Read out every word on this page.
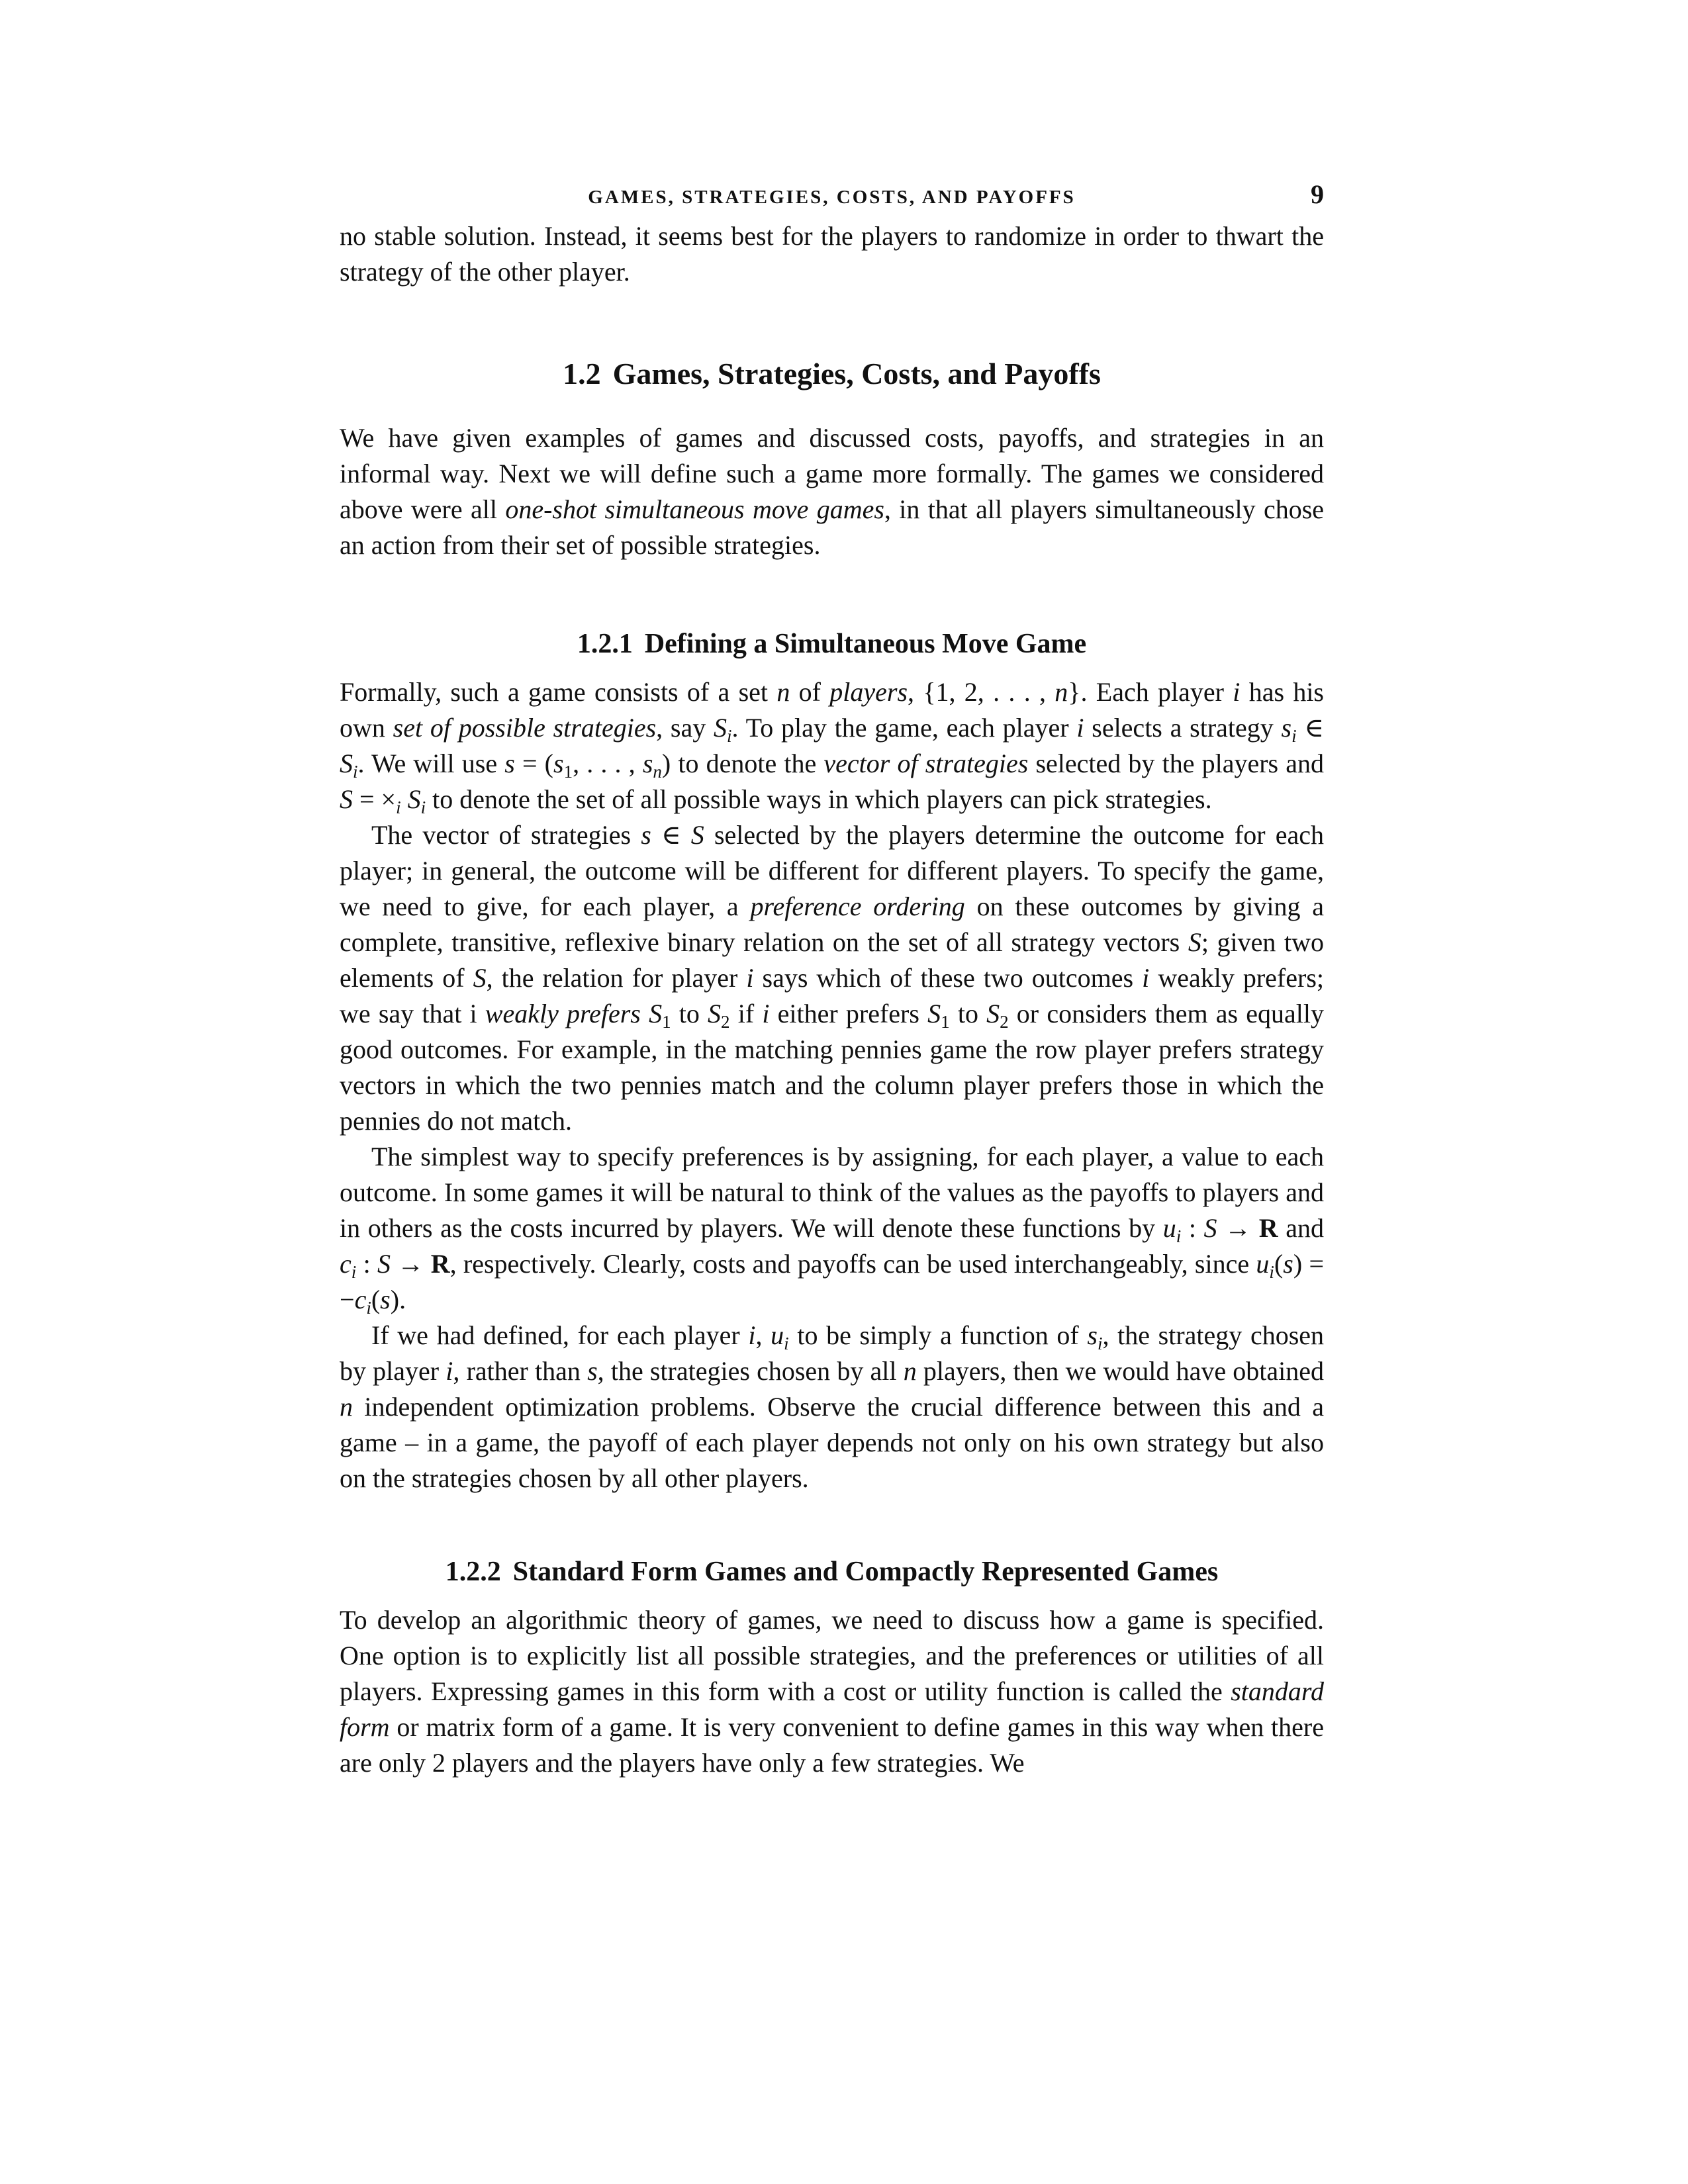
GAMES, STRATEGIES, COSTS, AND PAYOFFS	9

no stable solution. Instead, it seems best for the players to randomize in order to thwart the strategy of the other player.

1.2 Games, Strategies, Costs, and Payoffs

We have given examples of games and discussed costs, payoffs, and strategies in an informal way. Next we will define such a game more formally. The games we considered above were all one-shot simultaneous move games, in that all players simultaneously chose an action from their set of possible strategies.

1.2.1 Defining a Simultaneous Move Game

Formally, such a game consists of a set n of players, {1, 2, . . . , n}. Each player i has his own set of possible strategies, say $S_i$. To play the game, each player i selects a strategy $s_i$ ∈ $S_i$. We will use $s = (s_1$, . . . , $s_n$) to denote the vector of strategies selected by the players and $S = \times_i$ $S_i$ to denote the set of all possible ways in which players can pick strategies.

The vector of strategies s ∈ S selected by the players determine the outcome for each player; in general, the outcome will be different for different players. To specify the game, we need to give, for each player, a preference ordering on these outcomes by giving a complete, transitive, reflexive binary relation on the set of all strategy vectors S; given two elements of S, the relation for player i says which of these two outcomes i weakly prefers; we say that i weakly prefers $S_1$ to $S_2$ if i either prefers $S_1$ to $S_2$ or considers them as equally good outcomes. For example, in the matching pennies game the row player prefers strategy vectors in which the two pennies match and the column player prefers those in which the pennies do not match.

The simplest way to specify preferences is by assigning, for each player, a value to each outcome. In some games it will be natural to think of the values as the payoffs to players and in others as the costs incurred by players. We will denote these functions by $u_i$ : S → R and $c_i$ : S → R, respectively. Clearly, costs and payoffs can be used interchangeably, since $u_i(s) = -c_i(s)$.

If we had defined, for each player i, $u_i$ to be simply a function of $s_i$, the strategy chosen by player i, rather than s, the strategies chosen by all n players, then we would have obtained n independent optimization problems. Observe the crucial difference between this and a game – in a game, the payoff of each player depends not only on his own strategy but also on the strategies chosen by all other players.

1.2.2 Standard Form Games and Compactly Represented Games

To develop an algorithmic theory of games, we need to discuss how a game is specified. One option is to explicitly list all possible strategies, and the preferences or utilities of all players. Expressing games in this form with a cost or utility function is called the standard form or matrix form of a game. It is very convenient to define games in this way when there are only 2 players and the players have only a few strategies. We
